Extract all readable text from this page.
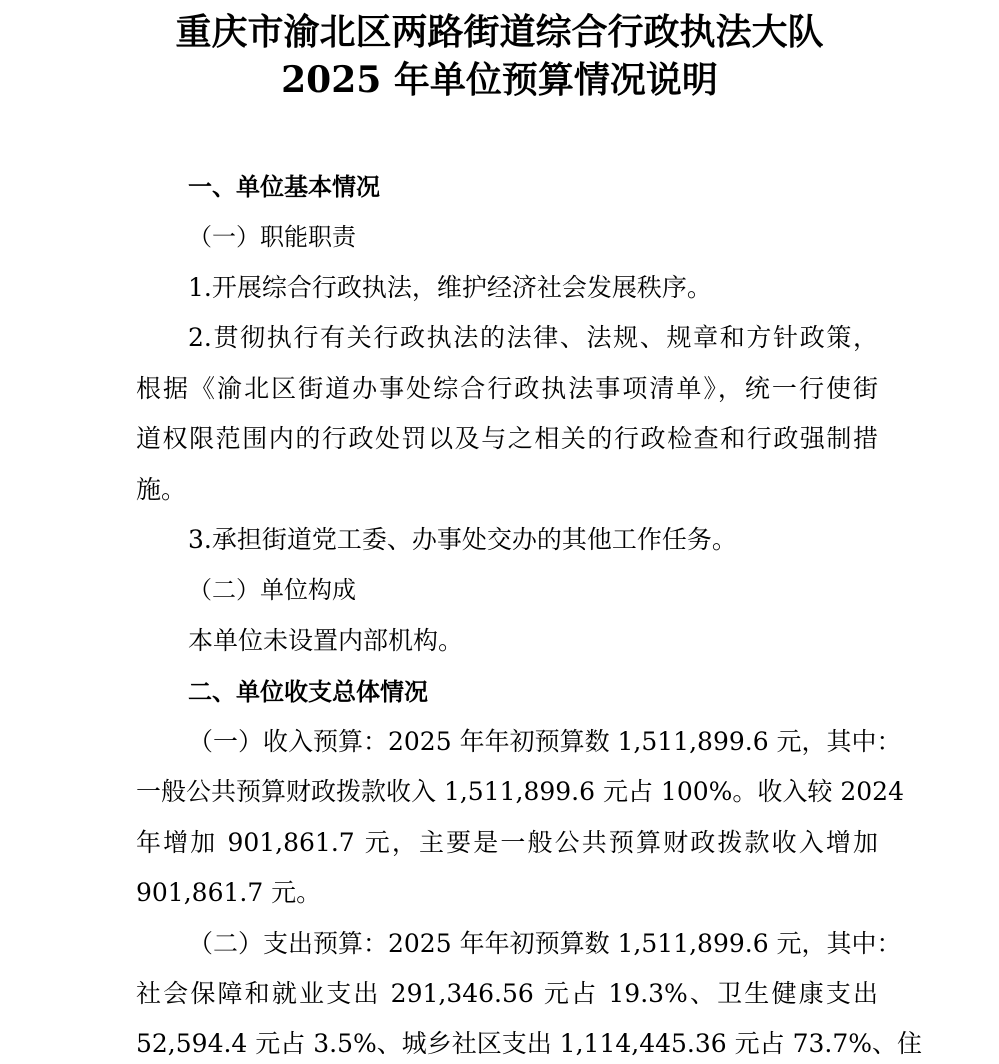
重庆市渝北区两路街道综合行政执法大队
2025 年单位预算情况说明

一、单位基本情况

（一）职能职责

1.开展综合行政执法，维护经济社会发展秩序。

2.贯彻执行有关行政执法的法律、法规、规章和方针政策，

根据《渝北区街道办事处综合行政执法事项清单》，统一行使街

道权限范围内的行政处罚以及与之相关的行政检查和行政强制措

施。

3.承担街道党工委、办事处交办的其他工作任务。

（二）单位构成

本单位未设置内部机构。

二、单位收支总体情况

（一）收入预算：2025 年年初预算数 1,511,899.6 元，其中：

一般公共预算财政拨款收入 1,511,899.6 元占 100%。收入较 2024

年增加 901,861.7 元，主要是一般公共预算财政拨款收入增加

901,861.7 元。

（二）支出预算：2025 年年初预算数 1,511,899.6 元，其中：

社会保障和就业支出 291,346.56 元占 19.3%、卫生健康支出

52,594.4 元占 3.5%、城乡社区支出 1,114,445.36 元占 73.7%、住
